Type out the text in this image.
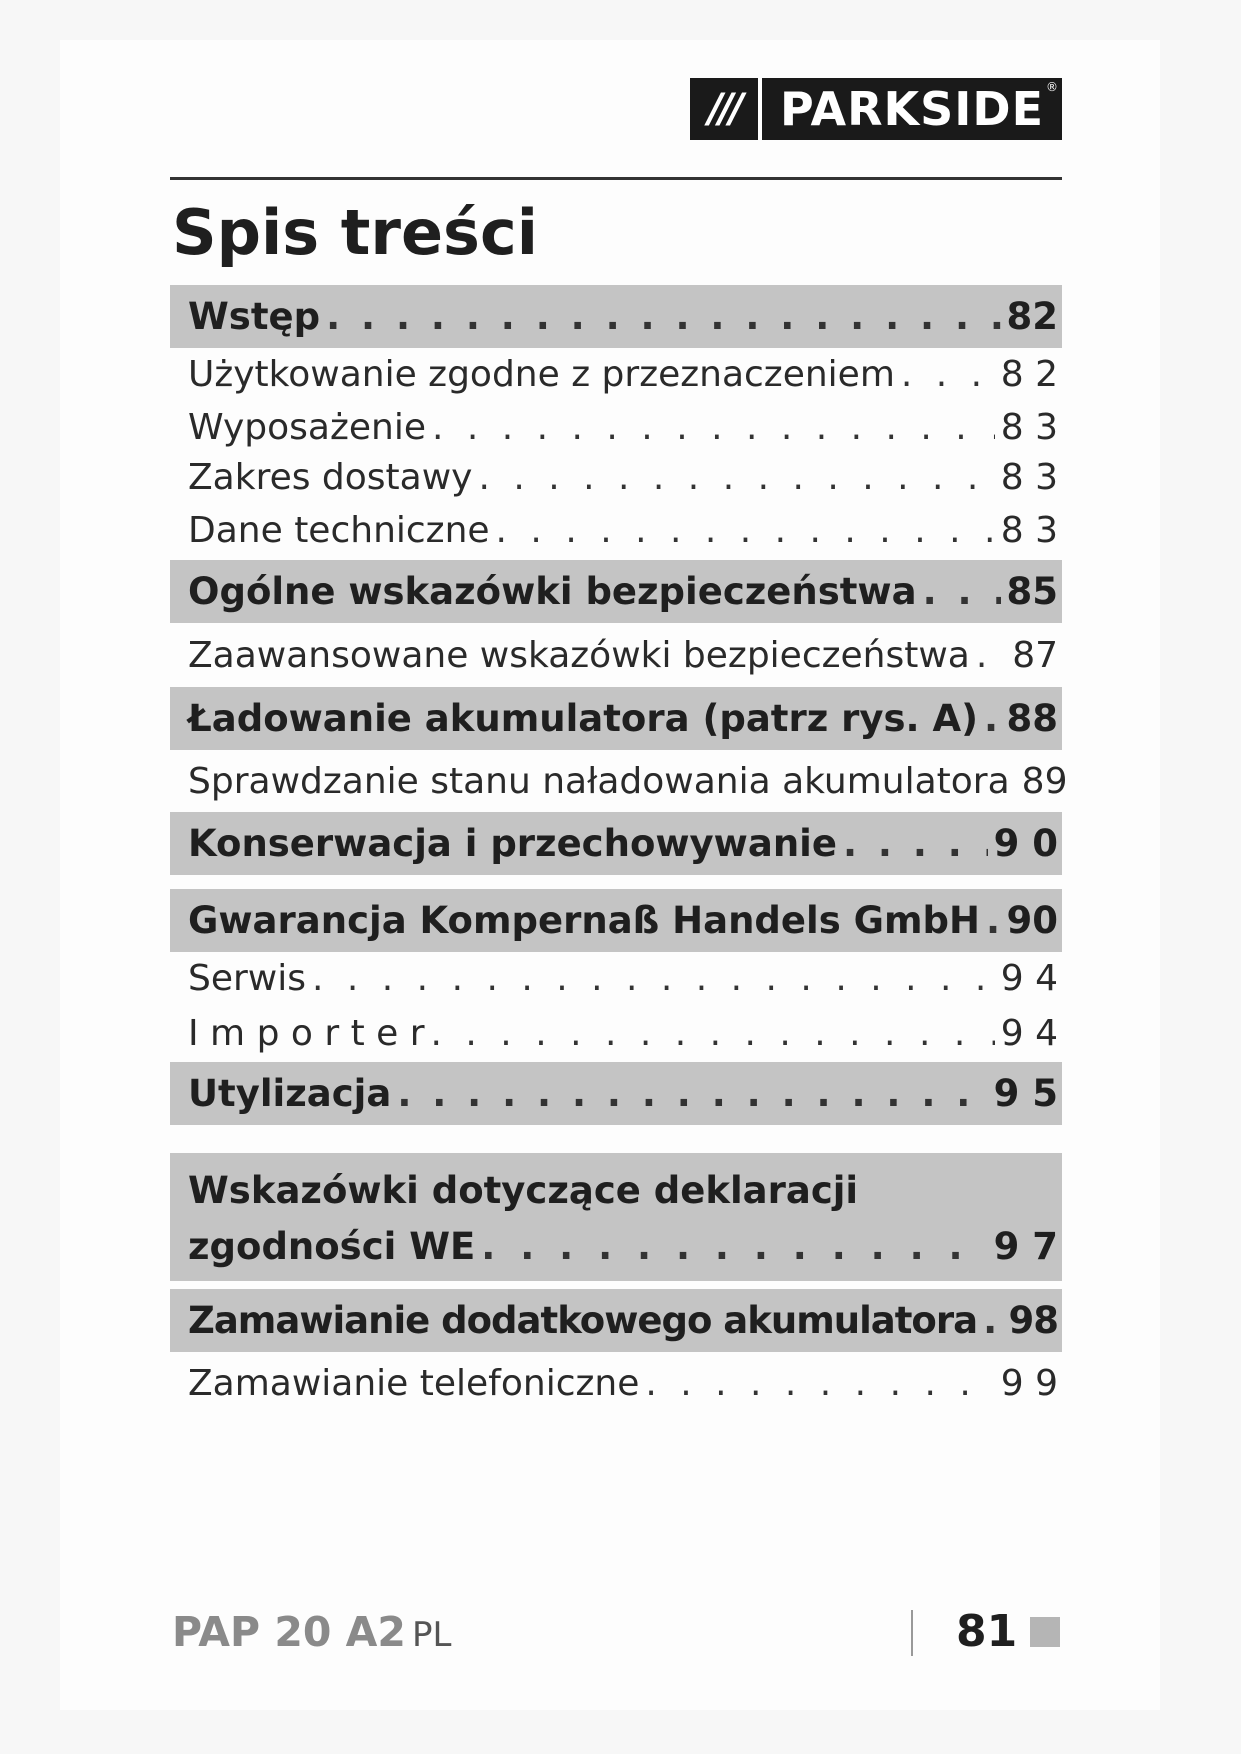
/// PARKSIDE ®
Spis treści
Wstęp . . .	82
Użytkowanie zgodne z przeznaczeniem . . .	8 2
Wyposażenie . . .	8 3
Zakres dostawy . . .	8 3
Dane techniczne . . .	8 3
Ogólne wskazówki bezpieczeństwa . . . 85
Zaawansowane wskazówki bezpieczeństwa . . . 87
Ładowanie akumulatora (patrz rys. A) . . . 88
Sprawdzanie stanu naładowania akumulatora 89
Konserwacja i przechowywanie . . .	9 0
Gwarancja Kompernaß Handels GmbH . . . 90
Serwis . . .	9 4
I m p o r t e r . . .	9 4
Utylizacja . . .	9 5
Wskazówki dotyczące deklaracji
zgodności WE . . .	9 7
Zamawianie dodatkowego akumulatora . . . 98
Zamawianie telefoniczne . . .	9 9
PAP 20 A2 PL	81
